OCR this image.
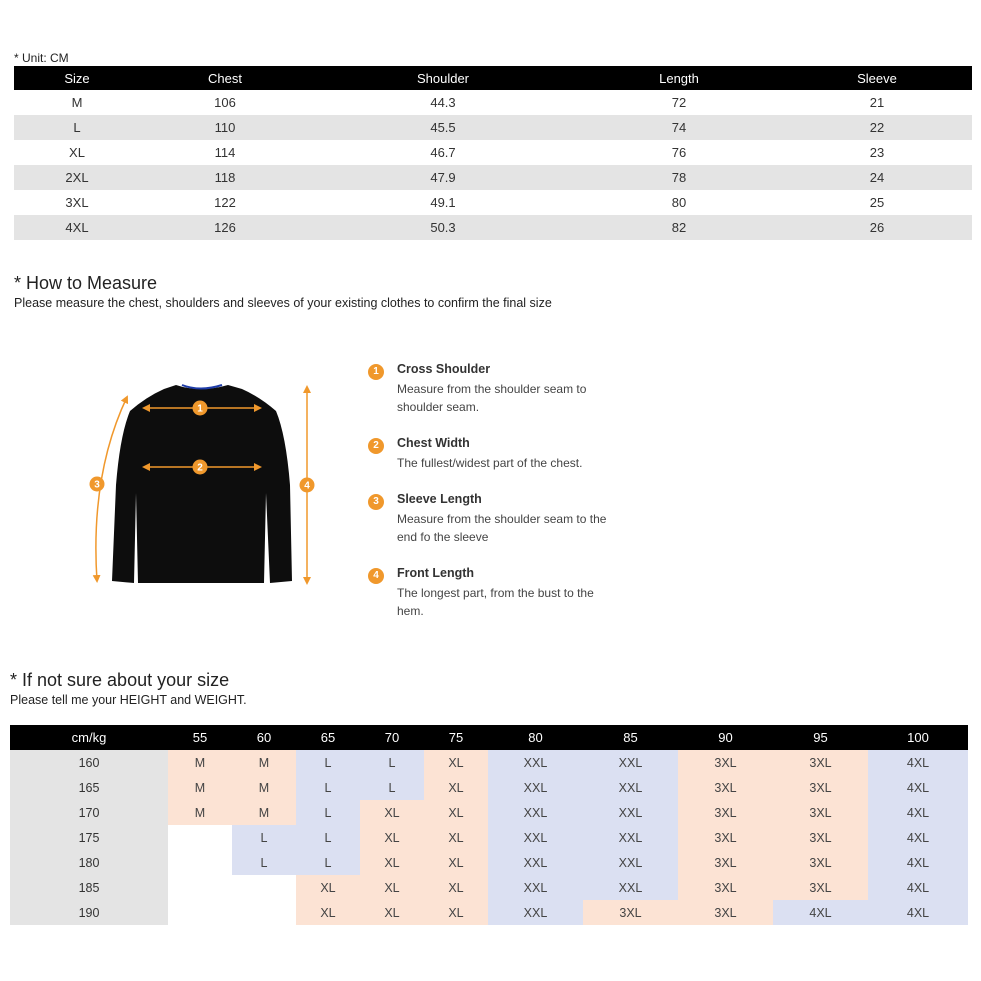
* Unit: CM
Size	Chest	Shoulder	Length	Sleeve
M	106	44.3	72	21
L	110	45.5	74	22
XL	114	46.7	76	23
2XL	118	47.9	78	24
3XL	122	49.1	80	25
4XL	126	50.3	82	26
* How to Measure
Please measure the chest, shoulders and sleeves of your existing clothes to confirm the final size
1
2
3	4
1	Cross Shoulder
Measure from the shoulder seam to shoulder seam.
2	Chest Width
The fullest/widest part of the chest.
3	Sleeve Length
Measure from the shoulder seam to the end fo the sleeve
4	Front Length
The longest part, from the bust to the hem.
* If not sure about your size
Please tell me your HEIGHT and WEIGHT.
cm/kg	55	60	65	70	75	80	85	90	95	100
160	M	M	L	L	XL	XXL	XXL	3XL	3XL	4XL
165	M	M	L	L	XL	XXL	XXL	3XL	3XL	4XL
170	M	M	L	XL	XL	XXL	XXL	3XL	3XL	4XL
175		L	L	XL	XL	XXL	XXL	3XL	3XL	4XL
180		L	L	XL	XL	XXL	XXL	3XL	3XL	4XL
185			XL	XL	XL	XXL	XXL	3XL	3XL	4XL
190			XL	XL	XL	XXL	3XL	3XL	4XL	4XL
